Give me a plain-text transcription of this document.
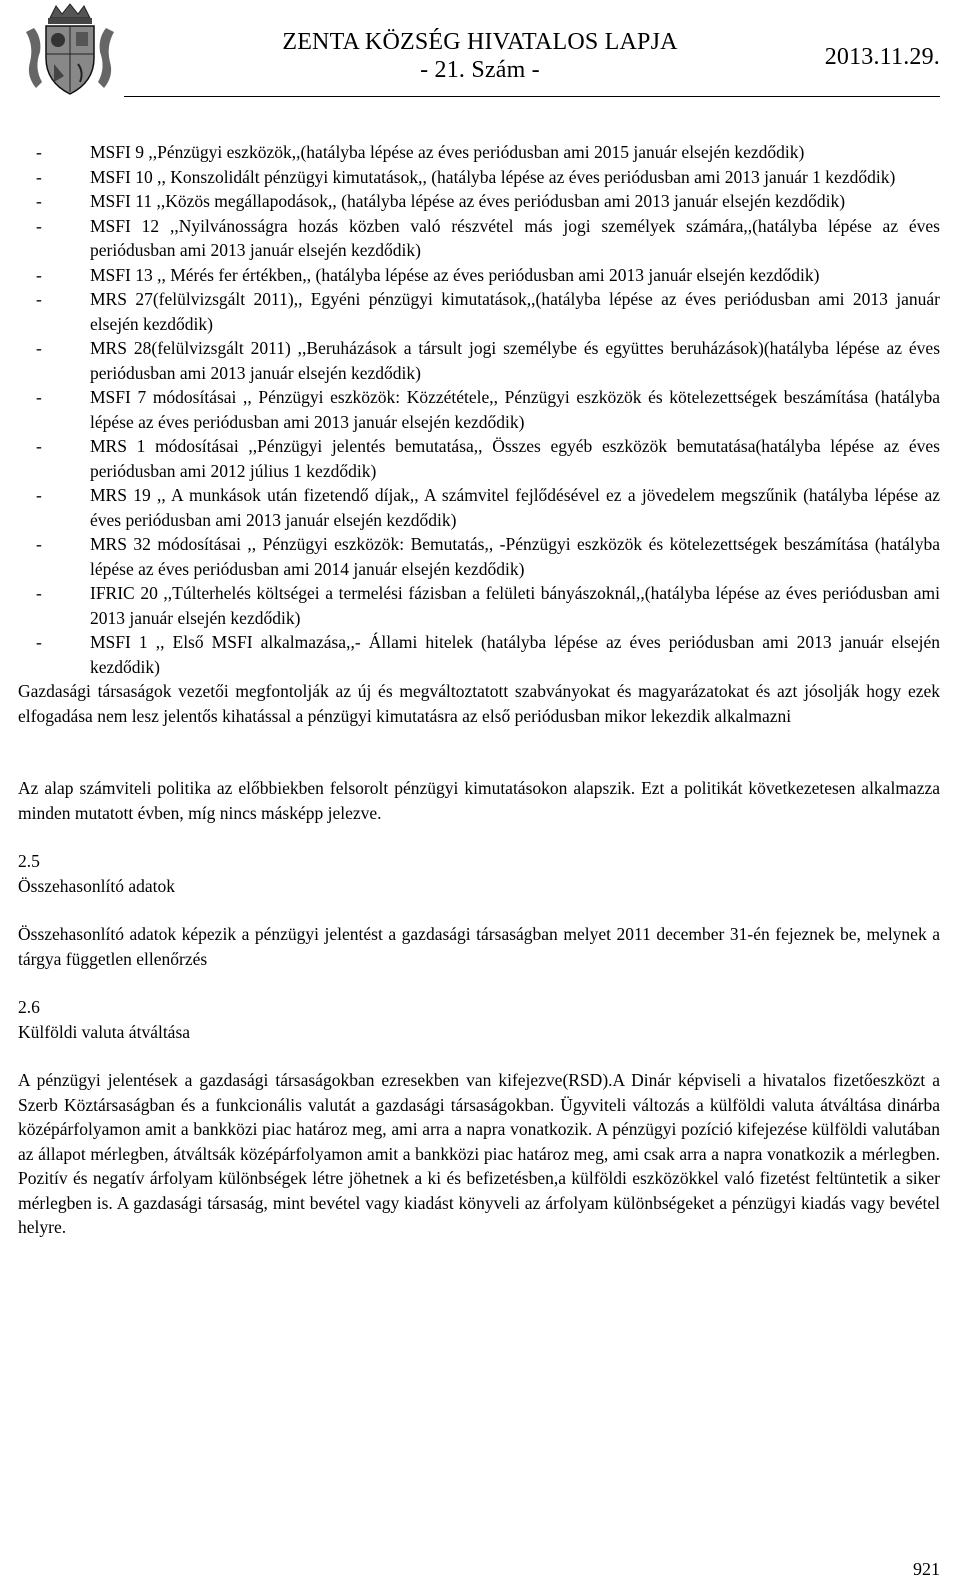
ZENTA KÖZSÉG HIVATALOS LAPJA
- 21. Szám -	2013.11.29.
- MSFI 9 ,,Pénzügyi eszközök,,(hatályba lépése az éves periódusban ami 2015 január elsején kezdődik)
- MSFI 10 ,, Konszolidált pénzügyi kimutatások,, (hatályba lépése az éves periódusban ami 2013 január 1 kezdődik)
- MSFI 11 ,,Közös megállapodások,, (hatályba lépése az éves periódusban ami 2013 január elsején kezdődik)
- MSFI 12 ,,Nyilvánosságra hozás közben való részvétel más jogi személyek számára,,(hatályba lépése az éves periódusban ami 2013 január elsején kezdődik)
- MSFI 13 ,, Mérés fer értékben,, (hatályba lépése az éves periódusban ami 2013 január elsején kezdődik)
- MRS 27(felülvizsgált 2011),, Egyéni pénzügyi kimutatások,,(hatályba lépése az éves periódusban ami 2013 január elsején kezdődik)
- MRS 28(felülvizsgált 2011) ,,Beruházások a társult jogi személybe és együttes beruházások)(hatályba lépése az éves periódusban ami 2013 január elsején kezdődik)
- MSFI 7 módosításai ,, Pénzügyi eszközök: Közzététele,, Pénzügyi eszközök és kötelezettségek beszámítása (hatályba lépése az éves periódusban ami 2013 január elsején kezdődik)
- MRS 1 módosításai ,,Pénzügyi jelentés bemutatása,, Összes egyéb eszközök bemutatása(hatályba lépése az éves periódusban ami 2012 július 1 kezdődik)
- MRS 19 ,, A munkások után fizetendő díjak,, A számvitel fejlődésével ez a jövedelem megszűnik (hatályba lépése az éves periódusban ami 2013 január elsején kezdődik)
- MRS 32 módosításai ,, Pénzügyi eszközök: Bemutatás,, -Pénzügyi eszközök és kötelezettségek beszámítása (hatályba lépése az éves periódusban ami 2014 január elsején kezdődik)
- IFRIC 20 ,,Túlterhelés költségei a termelési fázisban a felületi bányászoknál,,(hatályba lépése az éves periódusban ami 2013 január elsején kezdődik)
- MSFI 1 ,, Első MSFI alkalmazása,,- Állami hitelek (hatályba lépése az éves periódusban ami 2013 január elsején kezdődik)

Gazdasági társaságok vezetői megfontolják az új és megváltoztatott szabványokat és magyarázatokat és azt jósolják hogy ezek elfogadása nem lesz jelentős kihatással a pénzügyi kimutatásra az első periódusban mikor lekezdik alkalmazni

Az alap számviteli politika az előbbiekben felsorolt pénzügyi kimutatásokon alapszik. Ezt a politikát következetesen alkalmazza minden mutatott évben, míg nincs másképp jelezve.

2.5

Összehasonlító adatok

Összehasonlító adatok képezik a pénzügyi jelentést a gazdasági társaságban melyet 2011 december 31-én fejeznek be, melynek a tárgya független ellenőrzés

2.6

Külföldi valuta átváltása

A pénzügyi jelentések a gazdasági társaságokban ezresekben van kifejezve(RSD).A Dinár képviseli a hivatalos fizetőeszközt a Szerb Köztársaságban és a funkcionális valutát a gazdasági társaságokban. Ügyviteli változás a külföldi valuta átváltása dinárba középárfolyamon amit a bankközi piac határoz meg, ami arra a napra vonatkozik. A pénzügyi pozíció kifejezése külföldi valutában az állapot mérlegben, átváltsák középárfolyamon amit a bankközi piac határoz meg, ami csak arra a napra vonatkozik a mérlegben. Pozitív és negatív árfolyam különbségek létre jöhetnek a ki és befizetésben,a külföldi eszközökkel való fizetést feltüntetik a siker mérlegben is. A gazdasági társaság, mint bevétel vagy kiadást könyveli az árfolyam különbségeket a pénzügyi kiadás vagy bevétel helyre.

921
